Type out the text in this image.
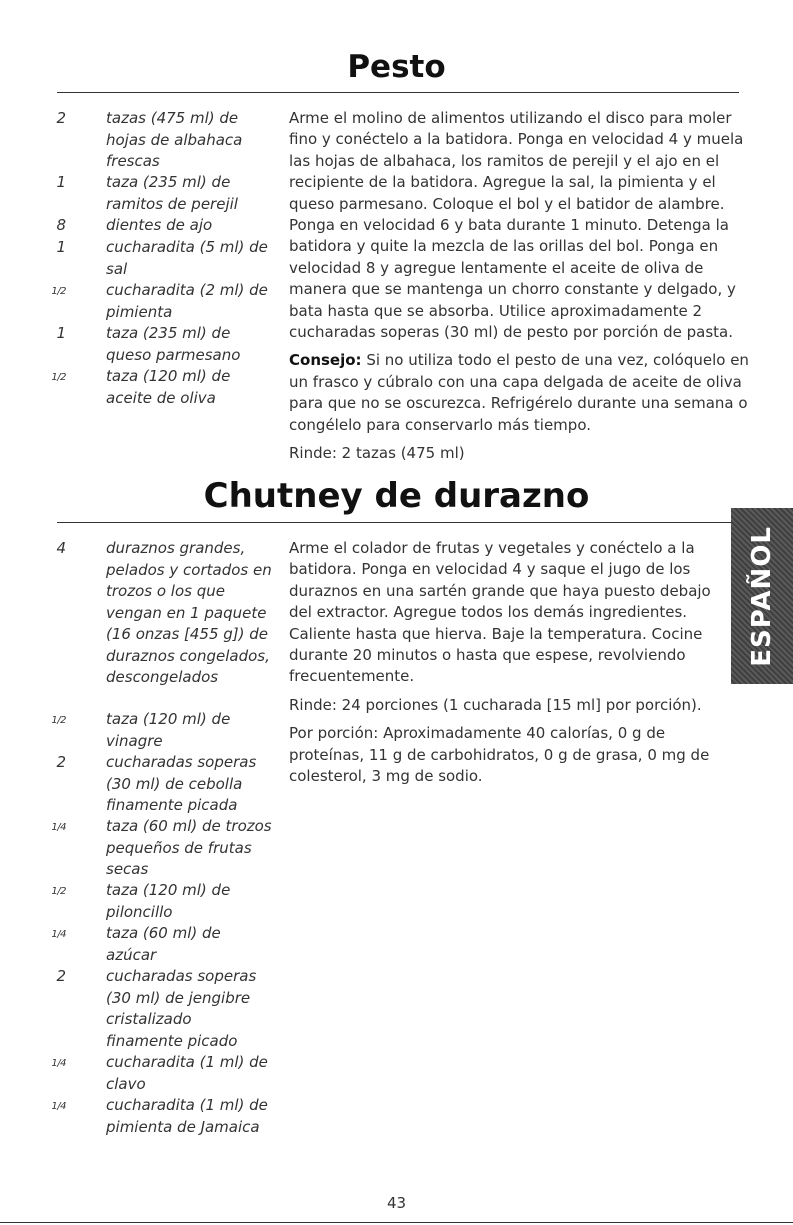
Pesto
2	tazas (475 ml) de hojas de albahaca frescas
1	taza (235 ml) de ramitos de perejil
8	dientes de ajo
1	cucharadita (5 ml) de sal
1/2	cucharadita (2 ml) de pimienta
1	taza (235 ml) de queso parmesano
1/2	taza (120 ml) de aceite de oliva

Arme el molino de alimentos utilizando el disco para moler fino y conéctelo a la batidora. Ponga en velocidad 4 y muela las hojas de albahaca, los ramitos de perejil y el ajo en el recipiente de la batidora. Agregue la sal, la pimienta y el queso parmesano. Coloque el bol y el batidor de alambre. Ponga en velocidad 6 y bata durante 1 minuto. Detenga la batidora y quite la mezcla de las orillas del bol. Ponga en velocidad 8 y agregue lentamente el aceite de oliva de manera que se mantenga un chorro constante y delgado, y bata hasta que se absorba. Utilice aproximadamente 2 cucharadas soperas (30 ml) de pesto por porción de pasta.

Consejo: Si no utiliza todo el pesto de una vez, colóquelo en un frasco y cúbralo con una capa delgada de aceite de oliva para que no se oscurezca. Refrigérelo durante una semana o congélelo para conservarlo más tiempo.

Rinde: 2 tazas (475 ml)

Chutney de durazno
4	duraznos grandes, pelados y cortados en trozos o los que vengan en 1 paquete (16 onzas [455 g]) de duraznos congelados, descongelados
1/2	taza (120 ml) de vinagre
2	cucharadas soperas (30 ml) de cebolla finamente picada
1/4	taza (60 ml) de trozos pequeños de frutas secas
1/2	taza (120 ml) de piloncillo
1/4	taza (60 ml) de azúcar
2	cucharadas soperas (30 ml) de jengibre cristalizado finamente picado
1/4	cucharadita (1 ml) de clavo
1/4	cucharadita (1 ml) de pimienta de Jamaica

Arme el colador de frutas y vegetales y conéctelo a la batidora. Ponga en velocidad 4 y saque el jugo de los duraznos en una sartén grande que haya puesto debajo del extractor. Agregue todos los demás ingredientes. Caliente hasta que hierva. Baje la temperatura. Cocine durante 20 minutos o hasta que espese, revolviendo frecuentemente.

Rinde: 24 porciones (1 cucharada [15 ml] por porción).

Por porción: Aproximadamente 40 calorías, 0 g de proteínas, 11 g de carbohidratos, 0 g de grasa, 0 mg de colesterol, 3 mg de sodio.

ESPAÑOL
43
